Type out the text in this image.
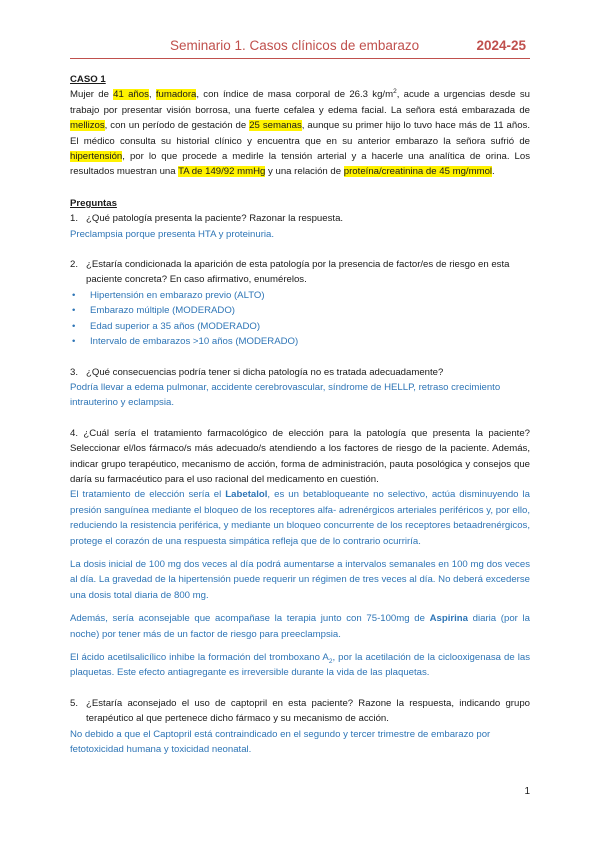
Seminario 1. Casos clínicos de embarazo	2024-25
CASO 1

Mujer de 41 años, fumadora, con índice de masa corporal de 26.3 $kg/m^2$, acude a urgencias desde su trabajo por presentar visión borrosa, una fuerte cefalea y edema facial. La señora está embarazada de mellizos, con un período de gestación de 25 semanas, aunque su primer hijo lo tuvo hace más de 11 años. El médico consulta su historial clínico y encuentra que en su anterior embarazo la señora sufrió de hipertensión, por lo que procede a medirle la tensión arterial y a hacerle una analítica de orina. Los resultados muestran una TA de 149/92 mmHg y una relación de proteína/creatinina de 45 mg/mmol.

Preguntas
1. ¿Qué patología presenta la paciente? Razonar la respuesta.
Preclampsia porque presenta HTA y proteinuria.
2. ¿Estaría condicionada la aparición de esta patología por la presencia de factor/es de riesgo en esta paciente concreta? En caso afirmativo, enumérelos.
• Hipertensión en embarazo previo (ALTO)
• Embarazo múltiple (MODERADO)
• Edad superior a 35 años (MODERADO)
• Intervalo de embarazos >10 años (MODERADO)
3. ¿Qué consecuencias podría tener si dicha patología no es tratada adecuadamente?
Podría llevar a edema pulmonar, accidente cerebrovascular, síndrome de HELLP, retraso crecimiento intrauterino y eclampsia.

4. ¿Cuál sería el tratamiento farmacológico de elección para la patología que presenta la paciente? Seleccionar el/los fármaco/s más adecuado/s atendiendo a los factores de riesgo de la paciente. Además, indicar grupo terapéutico, mecanismo de acción, forma de administración, pauta posológica y consejos que daría su farmacéutico para el uso racional del medicamento en cuestión.

El tratamiento de elección sería el Labetalol, es un betabloqueante no selectivo, actúa disminuyendo la presión sanguínea mediante el bloqueo de los receptores alfa- adrenérgicos arteriales periféricos y, por ello, reduciendo la resistencia periférica, y mediante un bloqueo concurrente de los receptores betaadrenérgicos, protege el corazón de una respuesta simpática refleja que de lo contrario ocurriría.

La dosis inicial de 100 mg dos veces al día podrá aumentarse a intervalos semanales en 100 mg dos veces al día. La gravedad de la hipertensión puede requerir un régimen de tres veces al día. No deberá excederse una dosis total diaria de 800 mg.

Además, sería aconsejable que acompañase la terapia junto con 75-100mg de Aspirina diaria (por la noche) por tener más de un factor de riesgo para preeclampsia.

El ácido acetilsalicílico inhibe la formación del tromboxano $A_2$, por la acetilación de la ciclooxigenasa de las plaquetas. Este efecto antiagregante es irreversible durante la vida de las plaquetas.

5. ¿Estaría aconsejado el uso de captopril en esta paciente? Razone la respuesta, indicando grupo terapéutico al que pertenece dicho fármaco y su mecanismo de acción.
No debido a que el Captopril está contraindicado en el segundo y tercer trimestre de embarazo por fetotoxicidad humana y toxicidad neonatal.
1
